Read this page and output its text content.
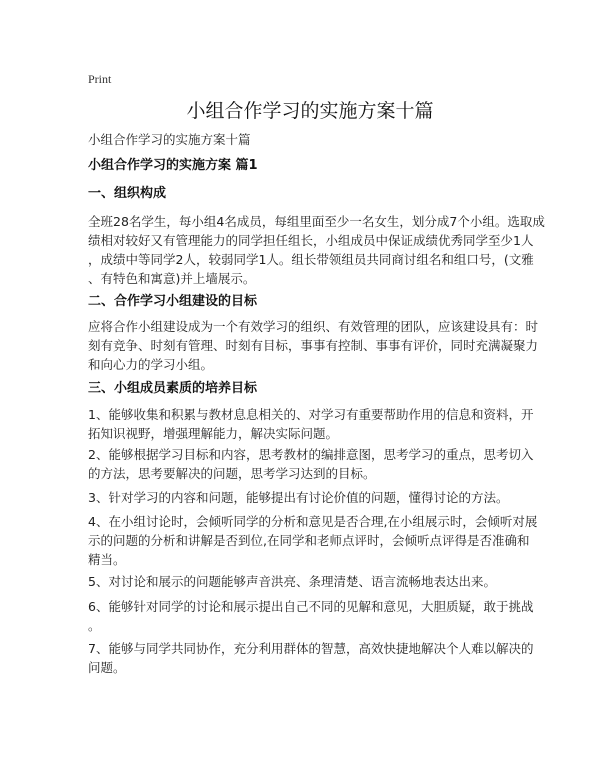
Print
小组合作学习的实施方案十篇
小组合作学习的实施方案十篇
小组合作学习的实施方案 篇1
一、组织构成
全班28名学生，每小组4名成员，每组里面至少一名女生，划分成7个小组。选取成
绩相对较好又有管理能力的同学担任组长，小组成员中保证成绩优秀同学至少1人
，成绩中等同学2人，较弱同学1人。组长带领组员共同商讨组名和组口号，(文雅
、有特色和寓意)并上墙展示。
二、合作学习小组建设的目标
应将合作小组建设成为一个有效学习的组织、有效管理的团队，应该建设具有：时
刻有竞争、时刻有管理、时刻有目标，事事有控制、事事有评价，同时充满凝聚力
和向心力的学习小组。
三、小组成员素质的培养目标
1、能够收集和积累与教材息息相关的、对学习有重要帮助作用的信息和资料，开
拓知识视野，增强理解能力，解决实际问题。
2、能够根据学习目标和内容，思考教材的编排意图，思考学习的重点，思考切入
的方法，思考要解决的问题，思考学习达到的目标。
3、针对学习的内容和问题，能够提出有讨论价值的问题，懂得讨论的方法。
4、在小组讨论时，会倾听同学的分析和意见是否合理,在小组展示时，会倾听对展
示的问题的分析和讲解是否到位,在同学和老师点评时，会倾听点评得是否准确和
精当。
5、对讨论和展示的问题能够声音洪亮、条理清楚、语言流畅地表达出来。
6、能够针对同学的讨论和展示提出自己不同的见解和意见，大胆质疑，敢于挑战
。
7、能够与同学共同协作，充分利用群体的智慧，高效快捷地解决个人难以解决的
问题。
